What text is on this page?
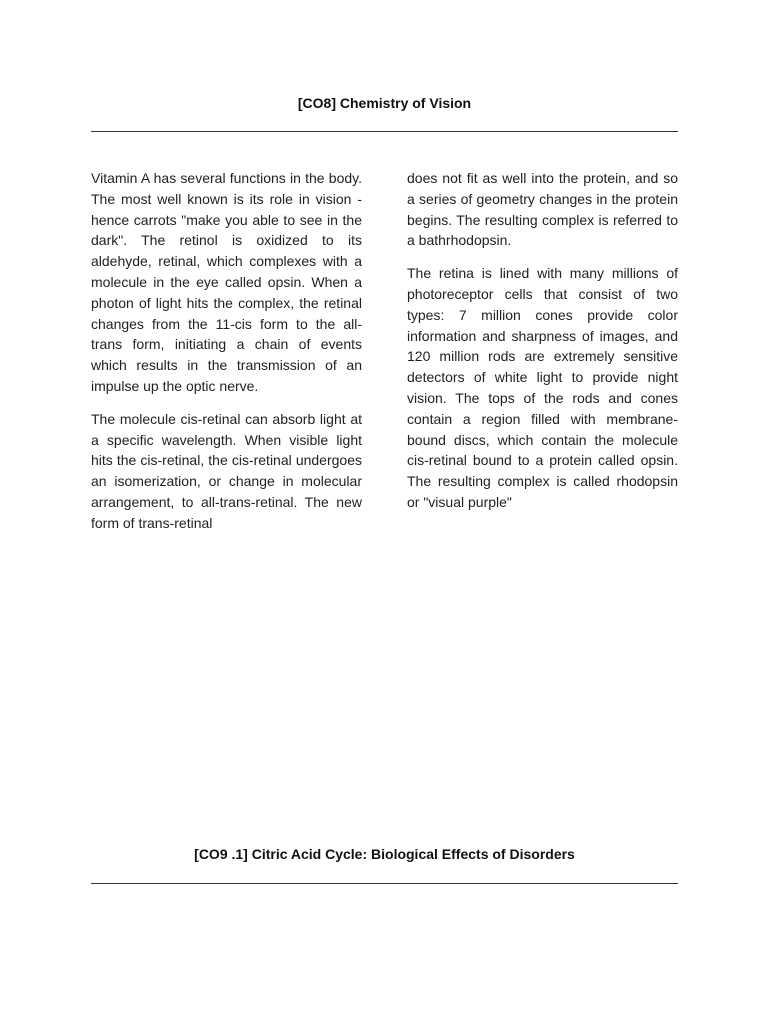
[CO8] Chemistry of Vision

Vitamin A has several functions in the body. The most well known is its role in vision - hence carrots "make you able to see in the dark". The retinol is oxidized to its aldehyde, retinal, which complexes with a molecule in the eye called opsin. When a photon of light hits the complex, the retinal changes from the 11-cis form to the all-trans form, initiating a chain of events which results in the transmission of an impulse up the optic nerve.

The molecule cis-retinal can absorb light at a specific wavelength. When visible light hits the cis-retinal, the cis-retinal undergoes an isomerization, or change in molecular arrangement, to all-trans-retinal. The new form of trans-retinal

does not fit as well into the protein, and so a series of geometry changes in the protein begins. The resulting complex is referred to a bathrhodopsin.

The retina is lined with many millions of photoreceptor cells that consist of two types: 7 million cones provide color information and sharpness of images, and 120 million rods are extremely sensitive detectors of white light to provide night vision. The tops of the rods and cones contain a region filled with membrane-bound discs, which contain the molecule cis-retinal bound to a protein called opsin. The resulting complex is called rhodopsin or "visual purple"

[CO9 .1] Citric Acid Cycle: Biological Effects of Disorders
